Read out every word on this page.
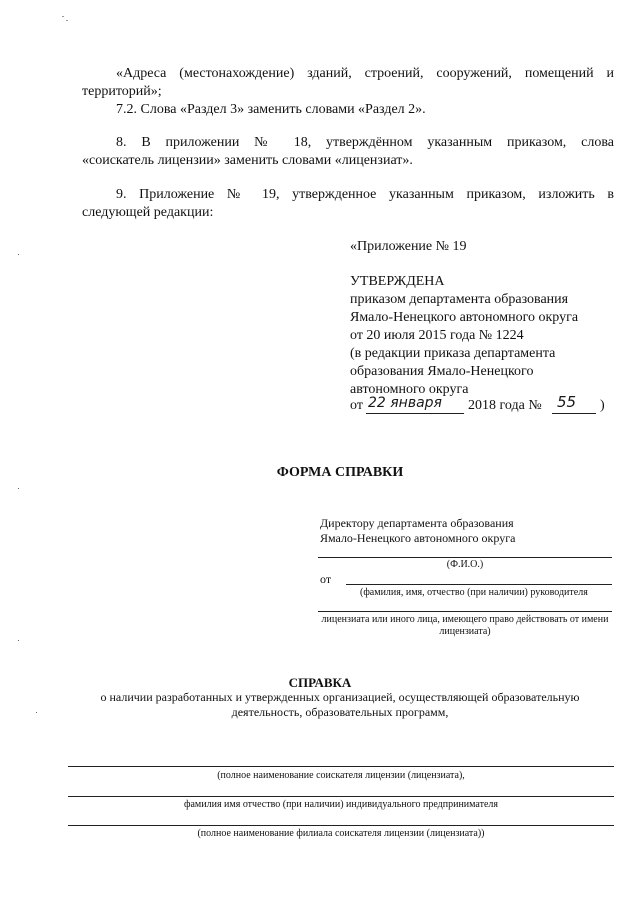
«Адреса (местонахождение) зданий, строений, сооружений, помещений и
территорий»;
7.2. Слова «Раздел 3» заменить словами «Раздел 2».
8. В приложении № 18, утверждённом указанным приказом, слова
«соискатель лицензии» заменить словами «лицензиат».
9. Приложение № 19, утвержденное указанным приказом, изложить в
следующей редакции:
«Приложение № 19
УТВЕРЖДЕНА
приказом департамента образования
Ямало-Ненецкого автономного округа
от 20 июля 2015 года № 1224
(в редакции приказа департамента
образования Ямало-Ненецкого
автономного округа
от 22 января	2018 года №	55	)
ФОРМА СПРАВКИ
Директору департамента образования
Ямало-Ненецкого автономного округа
(Ф.И.О.)
от
(фамилия, имя, отчество (при наличии) руководителя
лицензиата или иного лица, имеющего право действовать от имени лицензиата)
СПРАВКА
о наличии разработанных и утвержденных организацией, осуществляющей образовательную
деятельность, образовательных программ,
(полное наименование соискателя лицензии (лицензиата),
фамилия имя отчество (при наличии) индивидуального предпринимателя
(полное наименование филиала соискателя лицензии (лицензиата))
